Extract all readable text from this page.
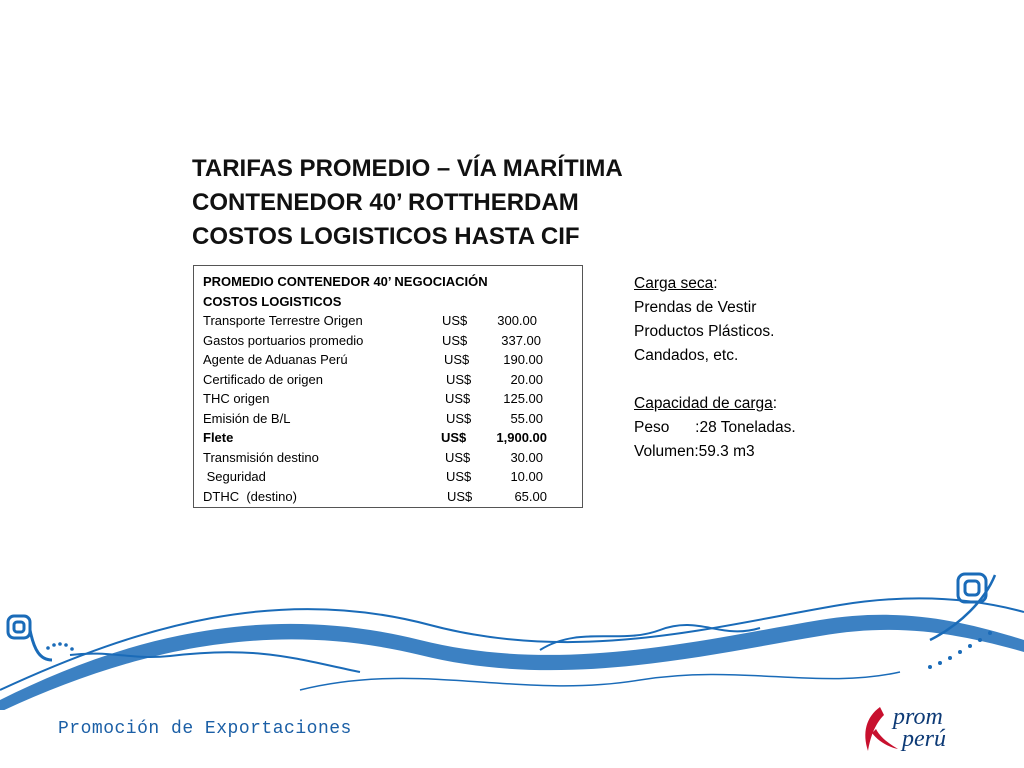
TARIFAS PROMEDIO – VÍA MARÍTIMA
CONTENEDOR 40’ ROTTHERDAM
COSTOS LOGISTICOS HASTA CIF
PROMEDIO CONTENEDOR 40’ NEGOCIACIÓN
COSTOS LOGISTICOS
Transporte Terrestre Origen	US$	300.00
Gastos portuarios promedio	US$	337.00
Agente de Aduanas Perú	US$	190.00
Certificado de origen	US$	20.00
THC origen	US$	125.00
Emisión de B/L	US$	55.00
Flete	US$	1,900.00
Transmisión destino	US$	30.00
Seguridad	US$	10.00
DTHC  (destino)	US$	65.00
Carga seca:
Prendas de Vestir
Productos Plásticos.
Candados, etc.
Capacidad de carga:
Peso      :28 Toneladas.
Volumen:59.3 m3
Promoción de Exportaciones	prom
perú
